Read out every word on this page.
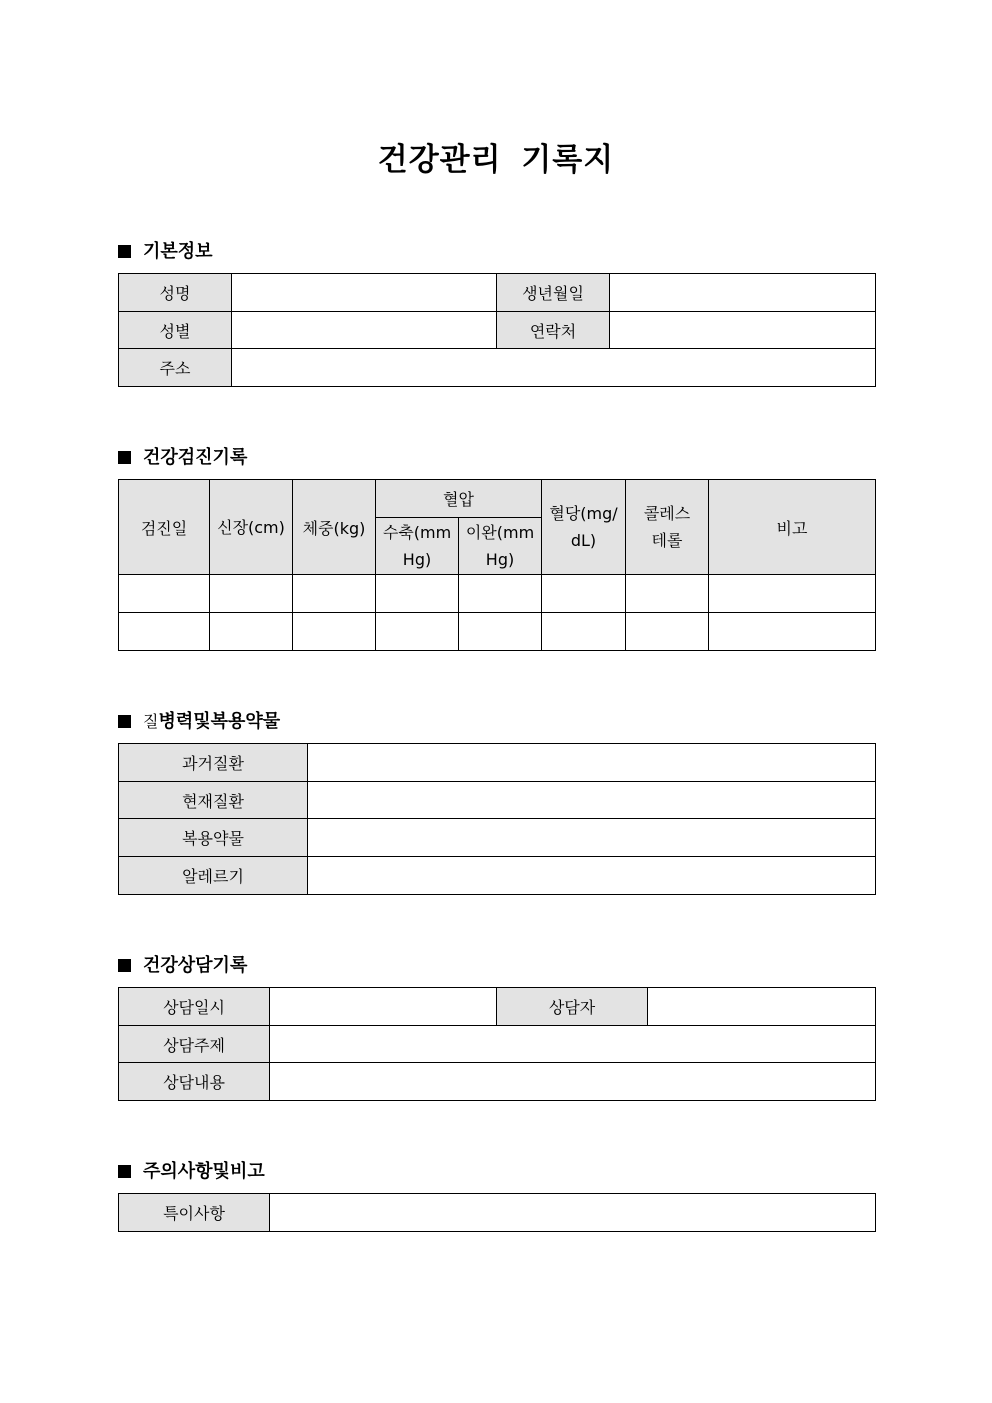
건강관리 기록지
기본정보
성명		생년월일	
성별		연락처	
주소			
건강검진기록
검진일	신장(cm)	체중(kg)	혈압		혈당(mg/dL)	콜레스테롤	비고
			수축(mmHg)	이완(mmHg)			

질병력및복용약물
과거질환	
현재질환	
복용약물	
알레르기	
건강상담기록
상담일시		상담자	
상담주제			
상담내용			
주의사항및비고
특이사항	
